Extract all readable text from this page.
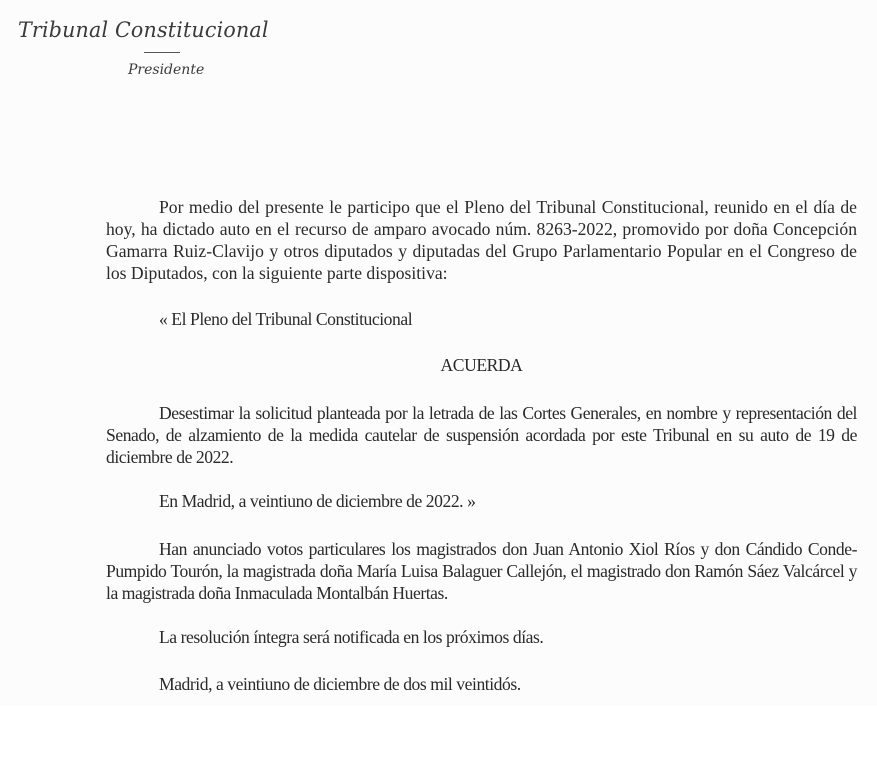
Tribunal Constitucional
Presidente

Por medio del presente le participo que el Pleno del Tribunal Constitucional, reunido en el día de hoy, ha dictado auto en el recurso de amparo avocado núm. 8263-2022, promovido por doña Concepción Gamarra Ruiz-Clavijo y otros diputados y diputadas del Grupo Parlamentario Popular en el Congreso de los Diputados, con la siguiente parte dispositiva:

« El Pleno del Tribunal Constitucional

ACUERDA

Desestimar la solicitud planteada por la letrada de las Cortes Generales, en nombre y representación del Senado, de alzamiento de la medida cautelar de suspensión acordada por este Tribunal en su auto de 19 de diciembre de 2022.

En Madrid, a veintiuno de diciembre de 2022. »

Han anunciado votos particulares los magistrados don Juan Antonio Xiol Ríos y don Cándido Conde-Pumpido Tourón, la magistrada doña María Luisa Balaguer Callejón, el magistrado don Ramón Sáez Valcárcel y la magistrada doña Inmaculada Montalbán Huertas.

La resolución íntegra será notificada en los próximos días.

Madrid, a veintiuno de diciembre de dos mil veintidós.
